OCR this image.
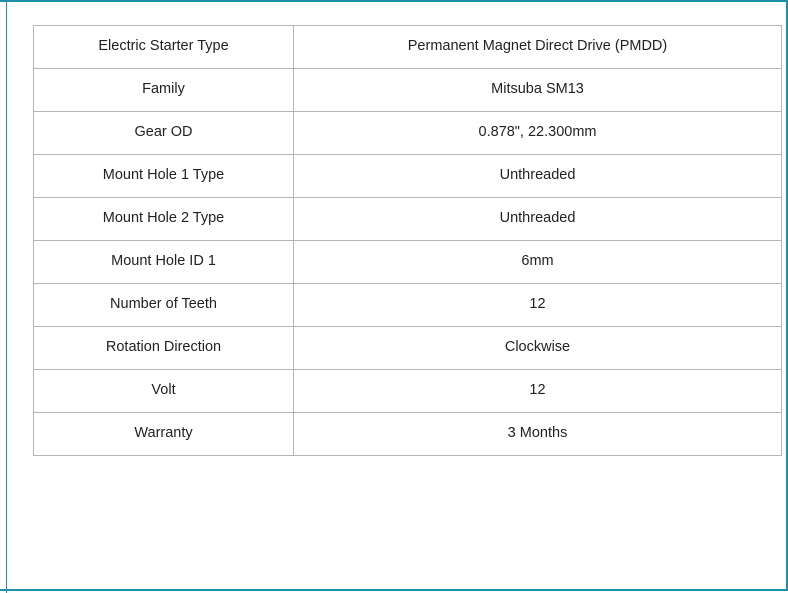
Electric Starter Type	Permanent Magnet Direct Drive (PMDD)
Family	Mitsuba SM13
Gear OD	0.878", 22.300mm
Mount Hole 1 Type	Unthreaded
Mount Hole 2 Type	Unthreaded
Mount Hole ID 1	6mm
Number of Teeth	12
Rotation Direction	Clockwise
Volt	12
Warranty	3 Months
